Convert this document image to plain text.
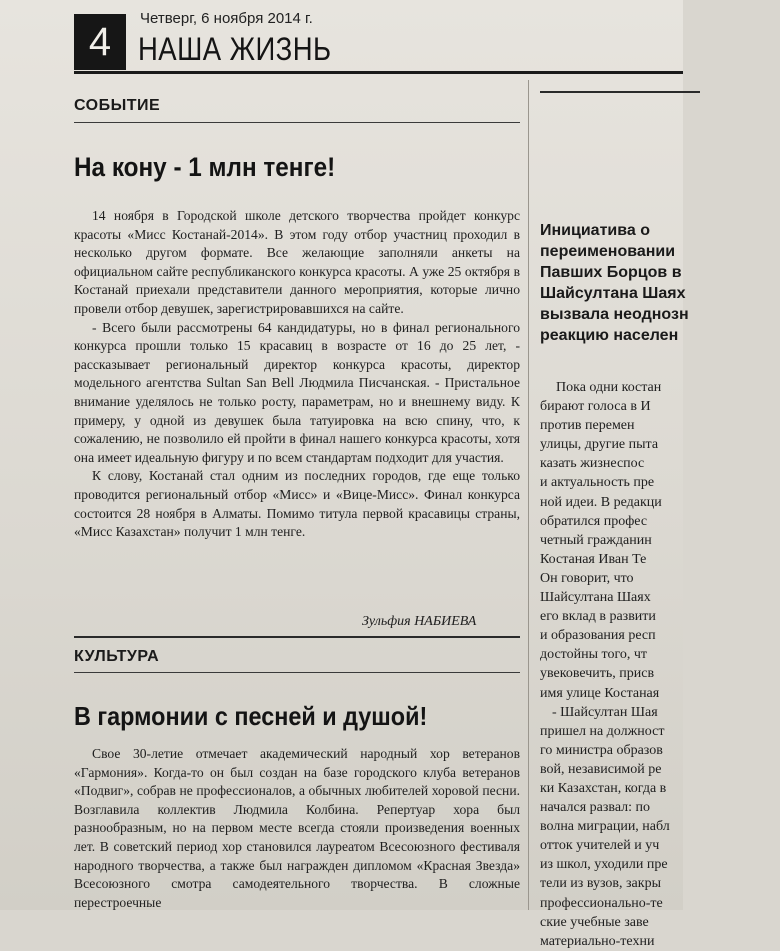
4
Четверг, 6 ноября 2014 г.
НАША ЖИЗНЬ
СОБЫТИЕ
На кону - 1 млн тенге!

14 ноября в Городской школе детского творчества пройдет конкурс красоты «Мисс Костанай-2014». В этом году отбор участниц проходил в несколько другом формате. Все желающие заполняли анкеты на официальном сайте республиканского конкурса красоты. А уже 25 октября в Костанай приехали представители данного мероприятия, которые лично провели отбор девушек, зарегистрировавшихся на сайте.

- Всего были рассмотрены 64 кандидатуры, но в финал регионального конкурса прошли только 15 красавиц в возрасте от 16 до 25 лет, - рассказывает региональный директор конкурса красоты, директор модельного агентства Sultan San Bell Людмила Писчанская. - Пристальное внимание уделялось не только росту, параметрам, но и внешнему виду. К примеру, у одной из девушек была татуировка на всю спину, что, к сожалению, не позволило ей пройти в финал нашего конкурса красоты, хотя она имеет идеальную фигуру и по всем стандартам подходит для участия.

К слову, Костанай стал одним из последних городов, где еще только проводится региональный отбор «Мисс» и «Вице-Мисс». Финал конкурса состоится 28 ноября в Алматы. Помимо титула первой красавицы страны, «Мисс Казахстан» получит 1 млн тенге.

Зульфия НАБИЕВА
КУЛЬТУРА
В гармонии с песней и душой!

Свое 30-летие отмечает академический народный хор ветеранов «Гармония». Когда-то он был создан на базе городского клуба ветеранов «Подвиг», собрав не профессионалов, а обычных любителей хоровой песни. Возглавила коллектив Людмила Колбина. Репертуар хора был разнообразным, но на первом месте всегда стояли произведения военных лет. В советский период хор становился лауреатом Всесоюзного фестиваля народного творчества, а также был награжден дипломом «Красная Звезда» Всесоюзного смотра самодеятельного творчества. В сложные перестроечные

Инициатива о
переименовании
Павших Борцов в
Шайсултана Шаях
вызвала неоднозн
реакцию населен
Пока одни костан
бирают голоса в И
против перемен
улицы, другие пыта
казать жизнеспос
и актуальность пре
ной идеи. В редакци
обратился профес
четный гражданин
Костаная Иван Те
Он говорит, что
Шайсултана Шаях
его вклад в развити
и образования респ
достойны того, чт
увековечить, присв
имя улице Костаная
- Шайсултан Шая
пришел на должност
го министра образов
вой, независимой ре
ки Казахстан, когда в
начался развал: по
волна миграции, набл
отток учителей и уч
из школ, уходили пре
тели из вузов, закры
профессионально-те
ские учебные заве
материально-техни
